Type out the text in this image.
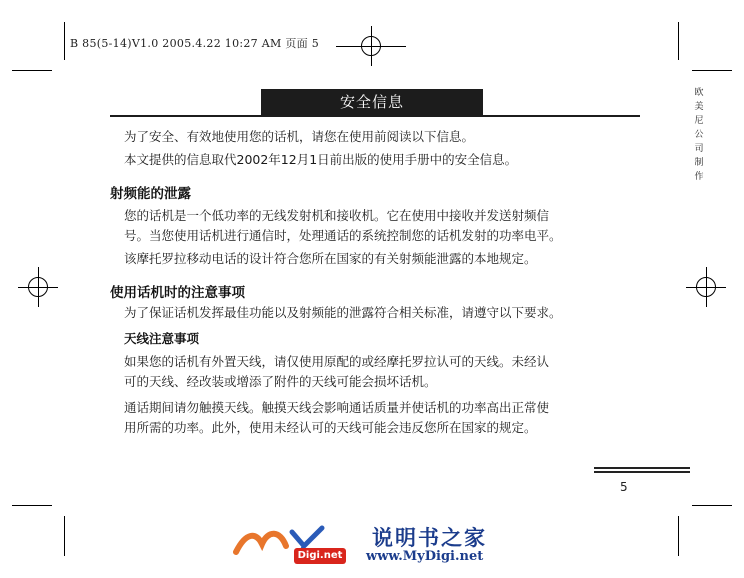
В 85(5-14)V1.0 2005.4.22 10:27 AM 页面 5
欧
美
尼
公
司
制
作
安全信息
为了安全、有效地使用您的话机，请您在使用前阅读以下信息。
本文提供的信息取代2002年12月1日前出版的使用手册中的安全信息。
射频能的泄露
您的话机是一个低功率的无线发射机和接收机。它在使用中接收并发送射频信
号。当您使用话机进行通信时，处理通话的系统控制您的话机发射的功率电平。
该摩托罗拉移动电话的设计符合您所在国家的有关射频能泄露的本地规定。
使用话机时的注意事项
为了保证话机发挥最佳功能以及射频能的泄露符合相关标准，请遵守以下要求。
天线注意事项
如果您的话机有外置天线，请仅使用原配的或经摩托罗拉认可的天线。未经认
可的天线、经改装或增添了附件的天线可能会损坏话机。
通话期间请勿触摸天线。触摸天线会影响通话质量并使话机的功率高出正常使
用所需的功率。此外，使用未经认可的天线可能会违反您所在国家的规定。
5
Digi.net
说明书之家
www.MyDigi.net
